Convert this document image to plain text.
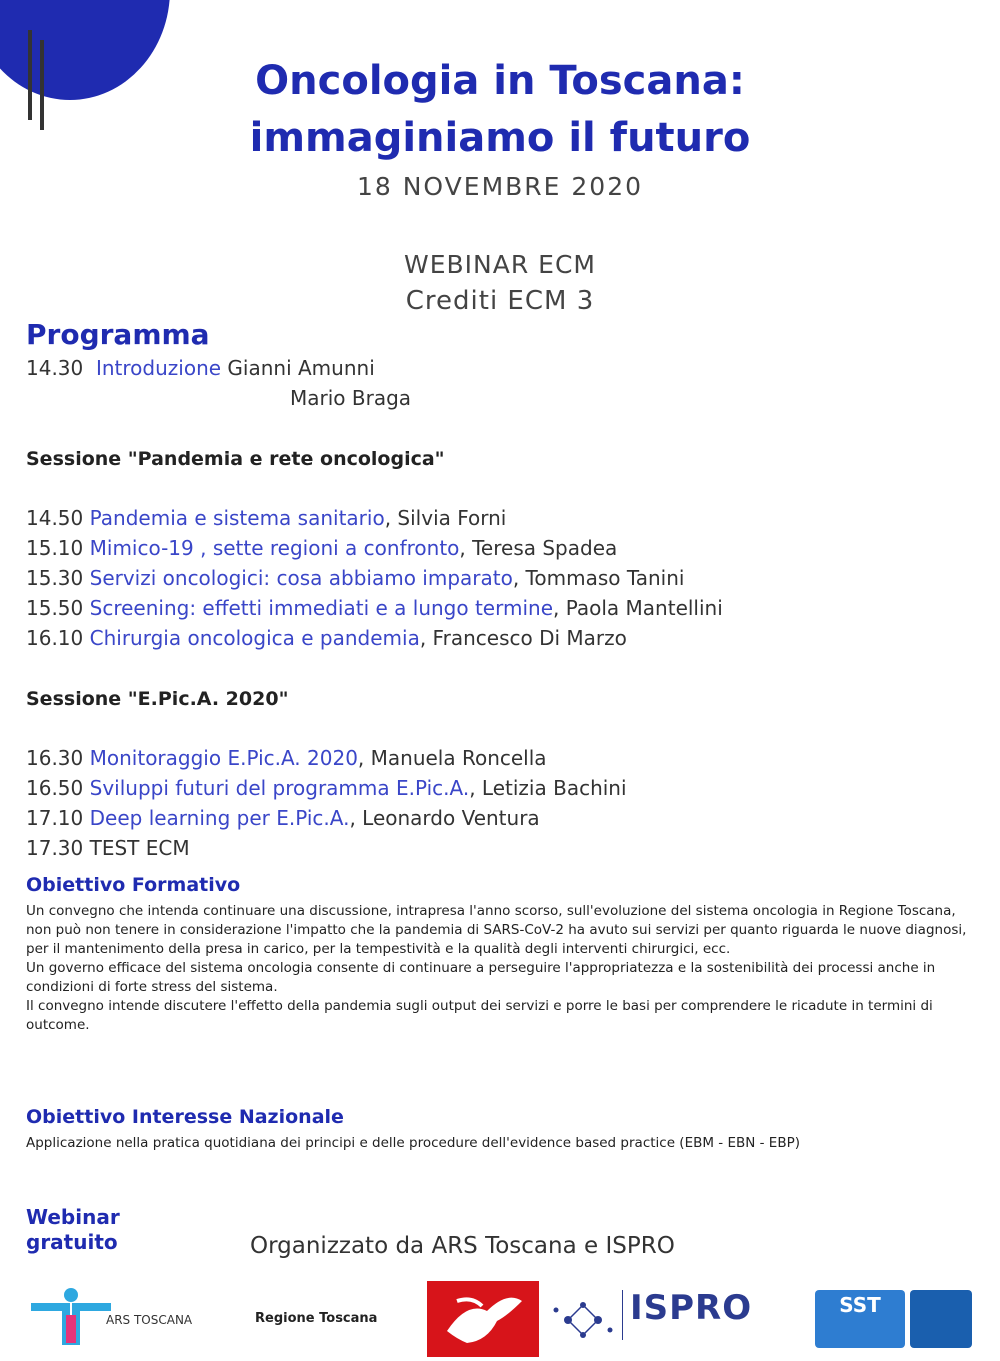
Oncologia in Toscana:
immaginiamo il futuro
18 NOVEMBRE 2020
WEBINAR ECM
Crediti ECM 3
Programma
14.30 Introduzione Gianni Amunni
Mario Braga
Sessione "Pandemia e rete oncologica"
14.50 Pandemia e sistema sanitario, Silvia Forni
15.10 Mimico-19 , sette regioni a confronto, Teresa Spadea
15.30 Servizi oncologici: cosa abbiamo imparato, Tommaso Tanini
15.50 Screening: effetti immediati e a lungo termine, Paola Mantellini
16.10 Chirurgia oncologica e pandemia, Francesco Di Marzo
Sessione "E.Pic.A. 2020"
16.30 Monitoraggio E.Pic.A. 2020, Manuela Roncella
16.50 Sviluppi futuri del programma E.Pic.A., Letizia Bachini
17.10 Deep learning per E.Pic.A., Leonardo Ventura
17.30 TEST ECM
Obiettivo Formativo
Un convegno che intenda continuare una discussione, intrapresa l'anno scorso, sull'evoluzione del sistema oncologia in Regione Toscana, non può non tenere in considerazione l'impatto che la pandemia di SARS-CoV-2 ha avuto sui servizi per quanto riguarda le nuove diagnosi, per il mantenimento della presa in carico, per la tempestività e la qualità degli interventi chirurgici, ecc.
Un governo efficace del sistema oncologia consente di continuare a perseguire l'appropriatezza e la sostenibilità dei processi anche in condizioni di forte stress del sistema.
Il convegno intende discutere l'effetto della pandemia sugli output dei servizi e porre le basi per comprendere le ricadute in termini di outcome.
Obiettivo Interesse Nazionale
Applicazione nella pratica quotidiana dei principi e delle procedure dell'evidence based practice (EBM - EBN - EBP)
Webinar gratuito	Organizzato da ARS Toscana e ISPRO
ARS TOSCANA	Regione Toscana	ISPRO	SST
